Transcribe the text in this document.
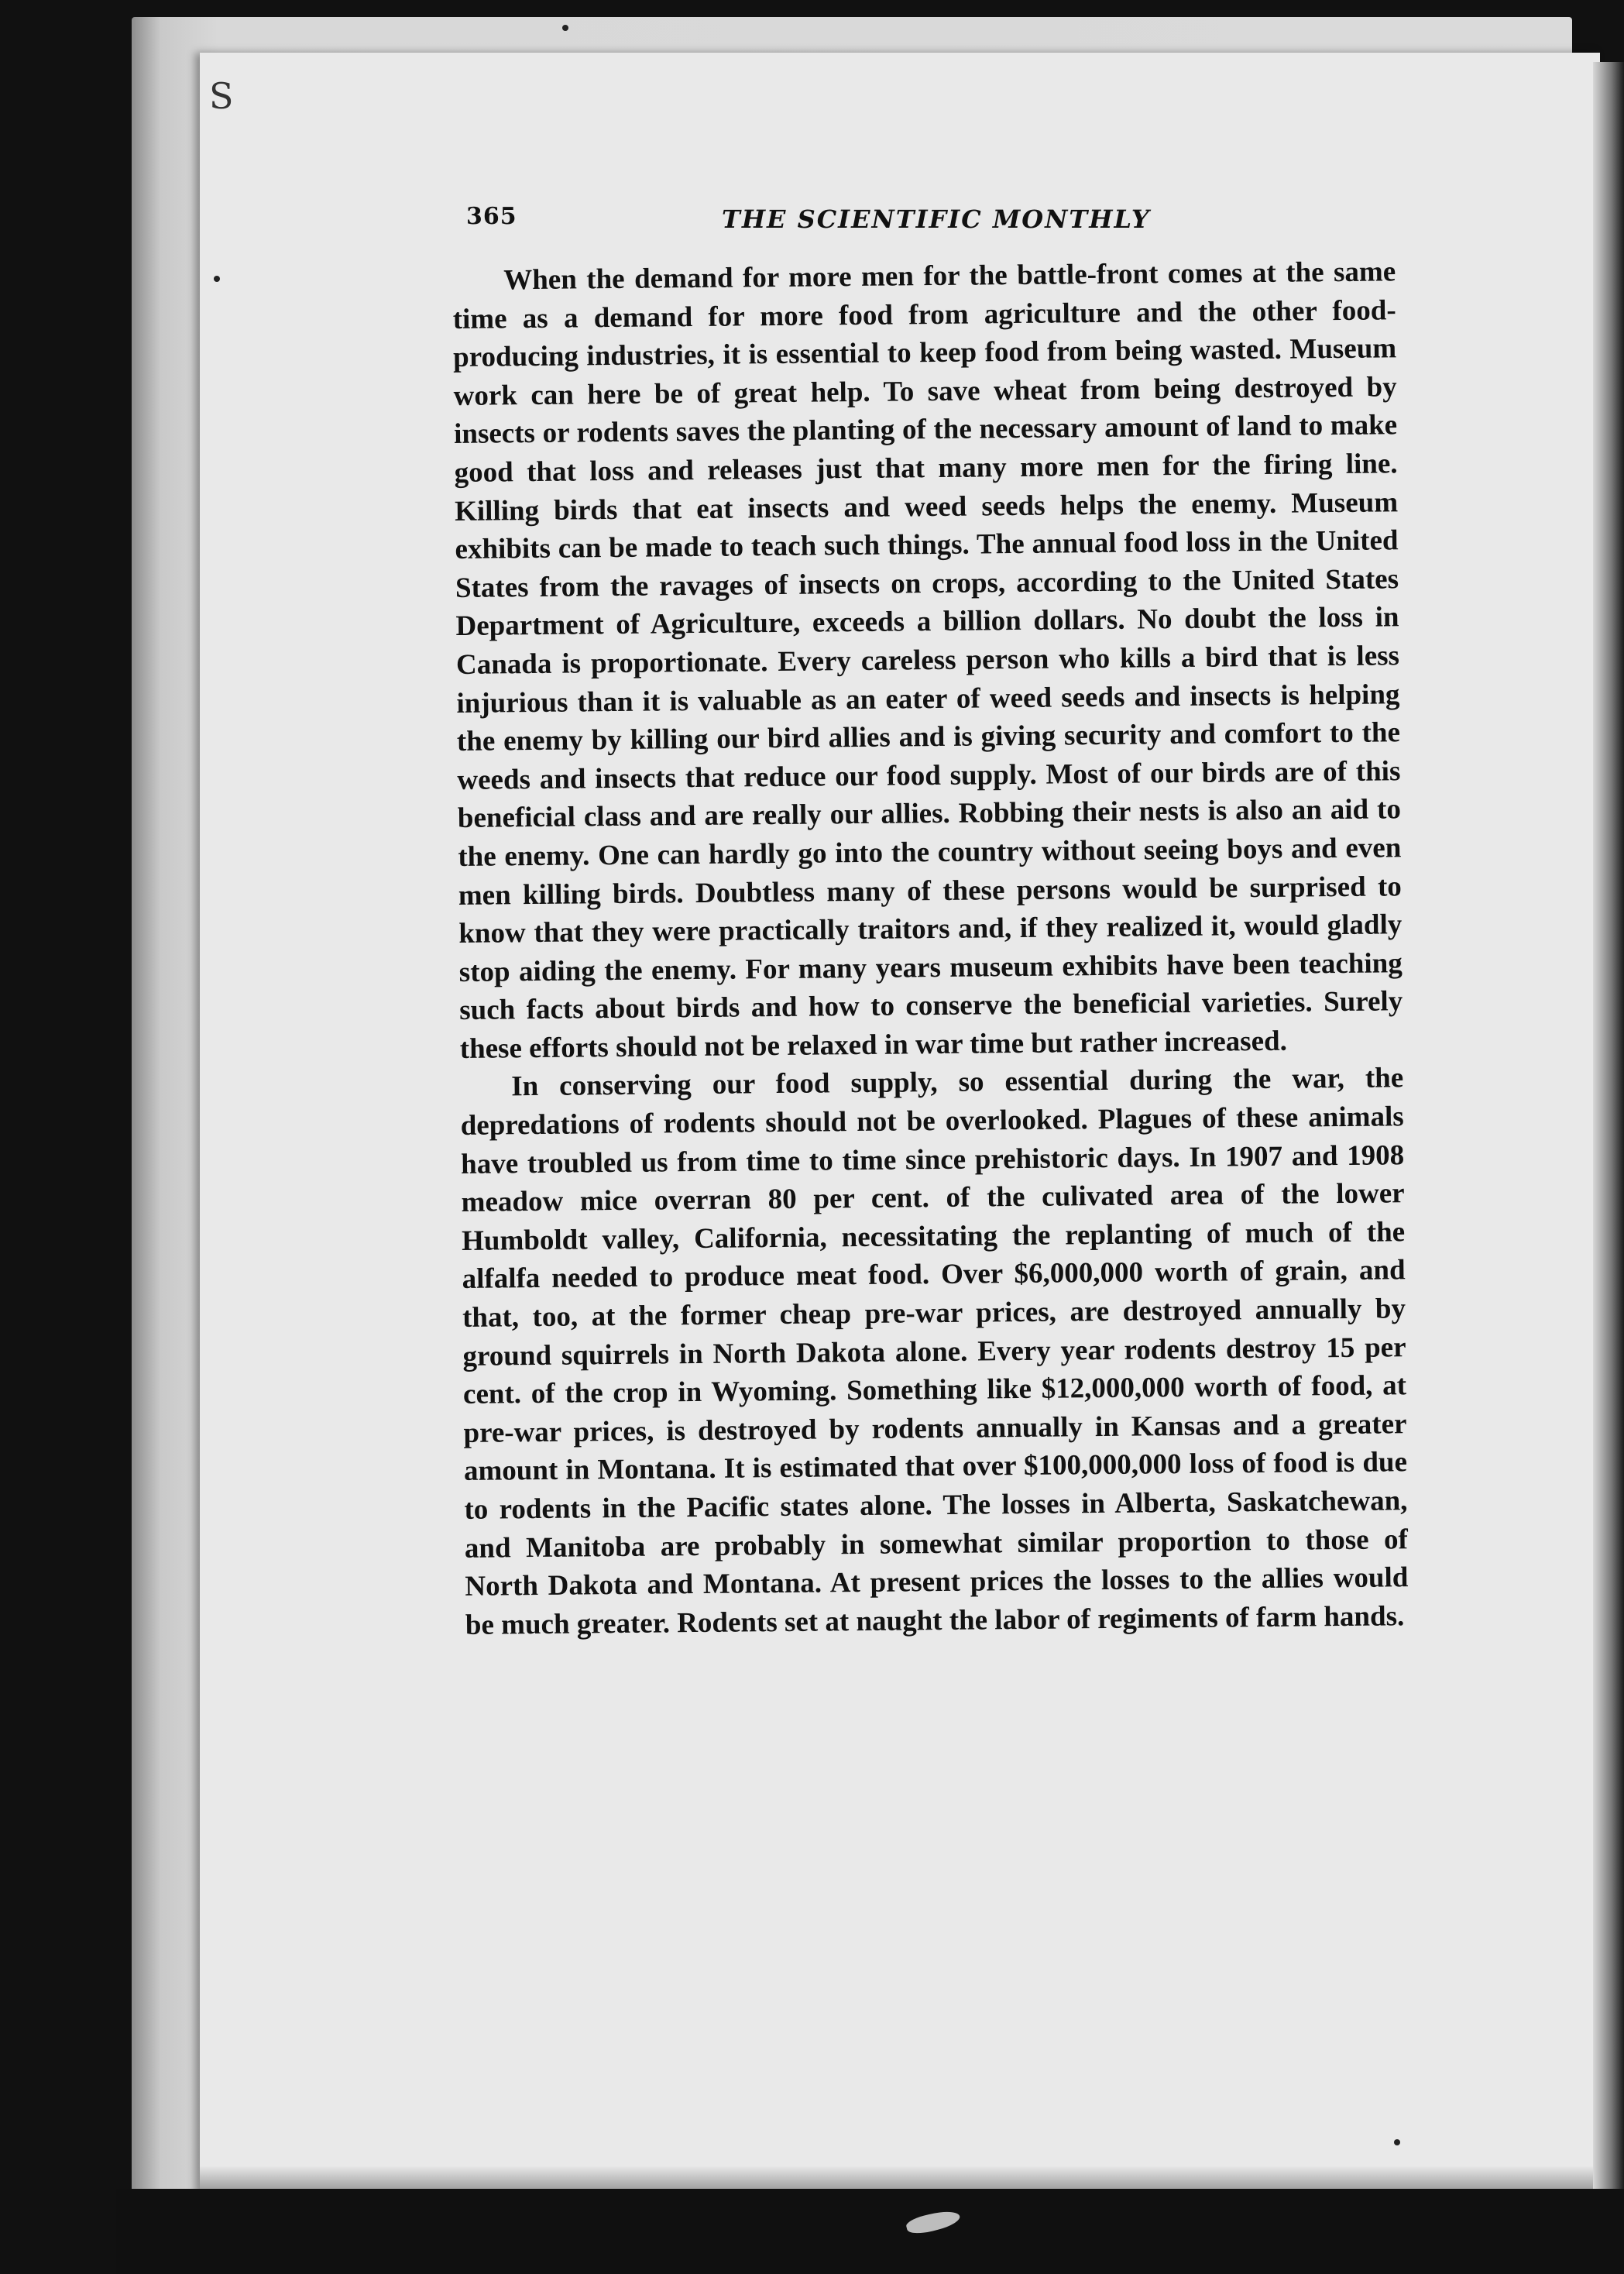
S
365	THE SCIENTIFIC MONTHLY

When the demand for more men for the battle-front comes at the same time as a demand for more food from agriculture and the other food-producing industries, it is essential to keep food from being wasted. Museum work can here be of great help. To save wheat from being destroyed by insects or rodents saves the planting of the necessary amount of land to make good that loss and releases just that many more men for the firing line. Killing birds that eat insects and weed seeds helps the enemy. Museum exhibits can be made to teach such things. The annual food loss in the United States from the ravages of insects on crops, according to the United States Department of Agriculture, exceeds a billion dollars. No doubt the loss in Canada is proportionate. Every careless person who kills a bird that is less injurious than it is valuable as an eater of weed seeds and insects is helping the enemy by killing our bird allies and is giving security and comfort to the weeds and insects that reduce our food supply. Most of our birds are of this beneficial class and are really our allies. Robbing their nests is also an aid to the enemy. One can hardly go into the country without seeing boys and even men killing birds. Doubtless many of these persons would be surprised to know that they were practically traitors and, if they realized it, would gladly stop aiding the enemy. For many years museum exhibits have been teaching such facts about birds and how to conserve the beneficial varieties. Surely these efforts should not be relaxed in war time but rather increased.

In conserving our food supply, so essential during the war, the depredations of rodents should not be overlooked. Plagues of these animals have troubled us from time to time since prehistoric days. In 1907 and 1908 meadow mice overran 80 per cent. of the culivated area of the lower Humboldt valley, California, necessitating the replanting of much of the alfalfa needed to produce meat food. Over $6,000,000 worth of grain, and that, too, at the former cheap pre-war prices, are destroyed annually by ground squirrels in North Dakota alone. Every year rodents destroy 15 per cent. of the crop in Wyoming. Something like $12,000,000 worth of food, at pre-war prices, is destroyed by rodents annually in Kansas and a greater amount in Montana. It is estimated that over $100,000,000 loss of food is due to rodents in the Pacific states alone. The losses in Alberta, Saskatchewan, and Manitoba are probably in somewhat similar proportion to those of North Dakota and Montana. At present prices the losses to the allies would be much greater. Rodents set at naught the labor of regiments of farm hands.
